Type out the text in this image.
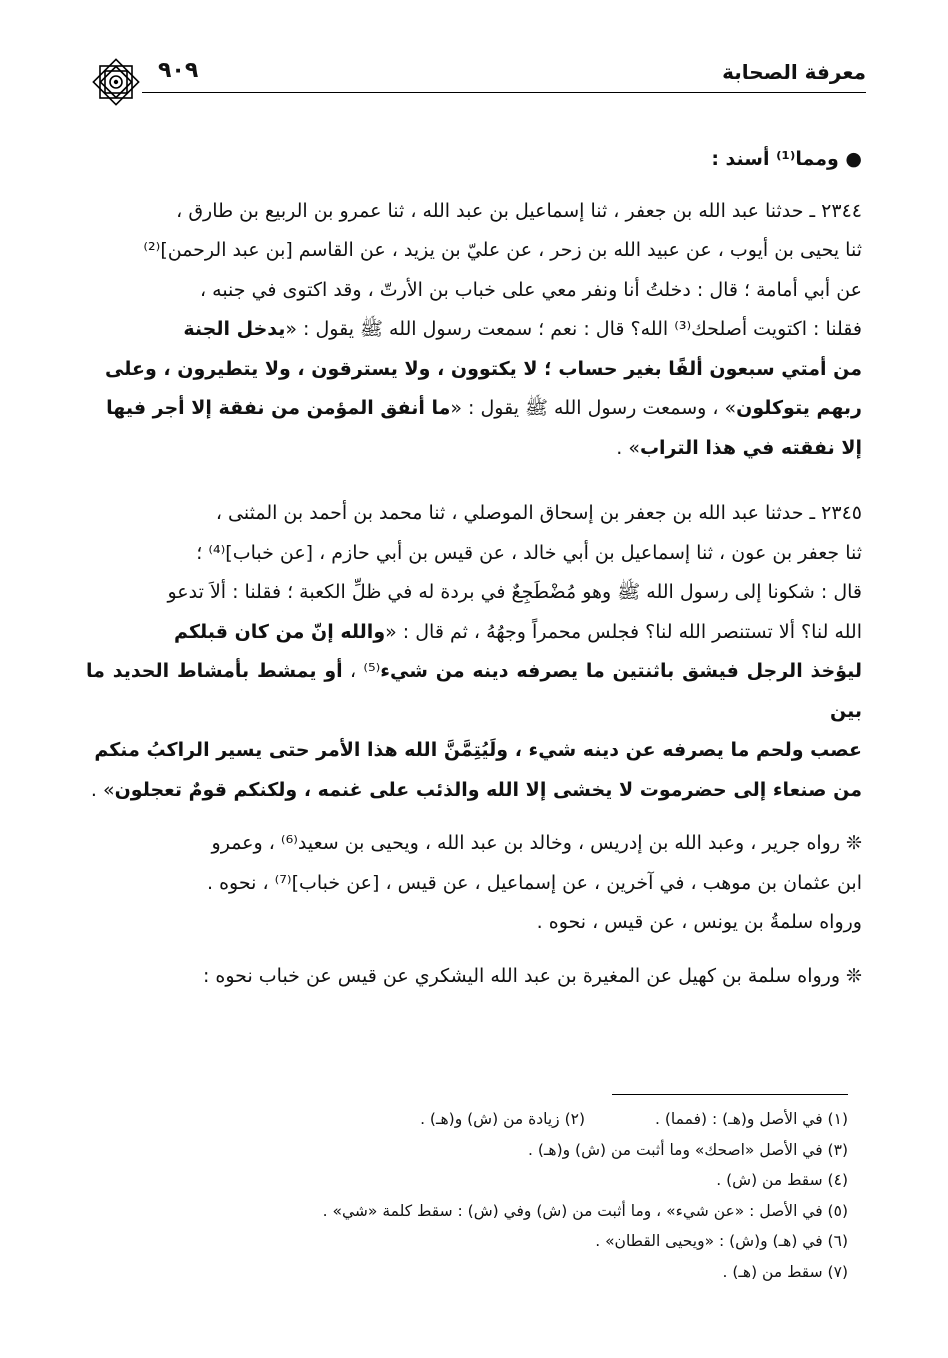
٩٠٩	معرفة الصحابة

● ومما⁽¹⁾ أسند :

٢٣٤٤ ـ حدثنا عبد الله بن جعفر ، ثنا إسماعيل بن عبد الله ، ثنا عمرو بن الربيع بن طارق ،

ثنا يحيى بن أيوب ، عن عبيد الله بن زحر ، عن عليّ بن يزيد ، عن القاسم [بن عبد الرحمن]⁽²⁾

عن أبي أمامة ؛ قال : دخلتُ أنا ونفر معي على خباب بن الأرتّ ، وقد اكتوى في جنبه ،

فقلنا : اكتويت أصلحك⁽³⁾ الله؟ قال : نعم ؛ سمعت رسول الله ﷺ يقول : «يدخل الجنة

من أمتي سبعون ألفًا بغير حساب ؛ لا يكتوون ، ولا يسترقون ، ولا يتطيرون ، وعلى

ربهم يتوكلون» ، وسمعت رسول الله ﷺ يقول : «ما أنفق المؤمن من نفقة إلا أجر فيها

إلا نفقته في هذا التراب» .

٢٣٤٥ ـ حدثنا عبد الله بن جعفر بن إسحاق الموصلي ، ثنا محمد بن أحمد بن المثنى ،

ثنا جعفر بن عون ، ثنا إسماعيل بن أبي خالد ، عن قيس بن أبي حازم ، [عن خباب]⁽⁴⁾ ؛

قال : شكونا إلى رسول الله ﷺ وهو مُضْطَجِعٌ في بردة له في ظلِّ الكعبة ؛ فقلنا : ألاَ تدعو

الله لنا؟ ألا تستنصر الله لنا؟ فجلس محمراً وجهُهُ ، ثم قال : «والله إنّ من كان قبلكم

ليؤخذ الرجل فيشق باثنتين ما يصرفه دينه من شيء⁽⁵⁾ ، أو يمشط بأمشاط الحديد ما بين

عصب ولحم ما يصرفه عن دينه شيء ، ولَيُتِمَّنَّ الله هذا الأمر حتى يسير الراكبُ منكم

من صنعاء إلى حضرموت لا يخشى إلا الله والذئب على غنمه ، ولكنكم قومٌ تعجلون» .

❊ رواه جرير ، وعبد الله بن إدريس ، وخالد بن عبد الله ، ويحيى بن سعيد⁽⁶⁾ ، وعمرو

ابن عثمان بن موهب ، في آخرين ، عن إسماعيل ، عن قيس ، [عن خباب]⁽⁷⁾ ، نحوه .

ورواه سلمةُ بن يونس ، عن قيس ، نحوه .

❊ ورواه سلمة بن كهيل عن المغيرة بن عبد الله اليشكري عن قيس عن خباب نحوه :

(١) في الأصل و(هـ) : (فمما) .(٢) زيادة من (ش) و(هـ) .
(٣) في الأصل «اصحك» وما أثبت من (ش) و(هـ) .
(٤) سقط من (ش) .
(٥) في الأصل : «عن شيء» ، وما أثبت من (ش) وفي (ش) : سقط كلمة «شي» .
(٦) في (هـ) و(ش) : «ويحيى القطان» .
(٧) سقط من (هـ) .
